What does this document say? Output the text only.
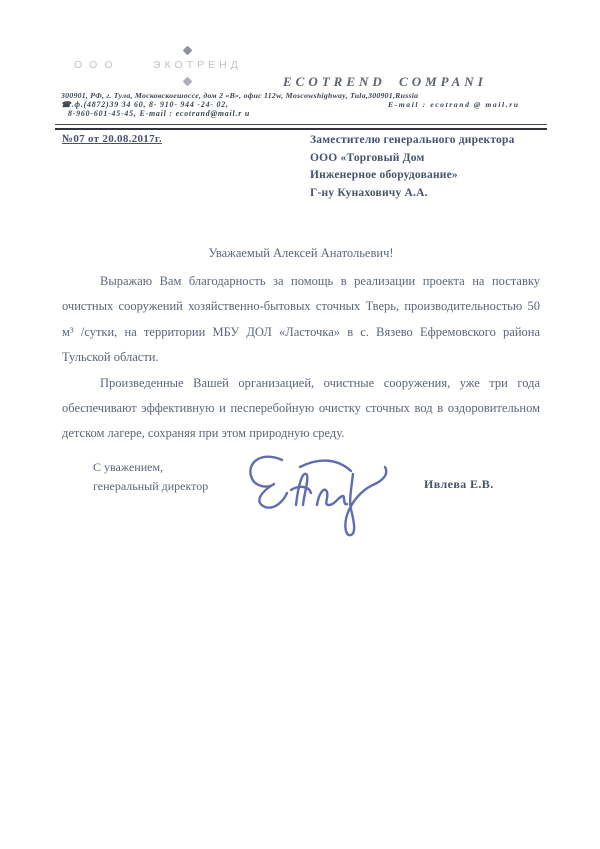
ООО	ЭКОТРЕНД
ECOTREND COMPANI
300901, РФ, г. Тула, Московскоешоссе, дом 2 «В», офис 112w, Moscowshighway, Tula,300901,Russia
☎.ф.(4872)39 34 60, 8- 910- 944 -24- 02,	E-mail : ecotrand @ mail.ru
8-960-601-45-45, E-mail : ecotrand@mail.r u
№07 от 20.08.2017г.	Заместителю генерального директора
ООО «Торговый Дом
Инженерное оборудование»
Г-ну Кунаховичу А.А.
Уважаемый Алексей Анатольевич!

Выражаю Вам благодарность за помощь в реализации проекта на поставку очистных сооружений хозяйственно-бытовых сточных Тверь, производительностью 50 м³ /сутки, на территории МБУ ДОЛ «Ласточка» в с. Вязево Ефремовского района Тульской области.

Произведенные Вашей организацией, очистные сооружения, уже три года обеспечивают эффективную и песперебойную очистку сточных вод в оздоровительном детском лагере, сохраняя при этом природную среду.

С уважением,
генеральный директор	Ивлева Е.В.
